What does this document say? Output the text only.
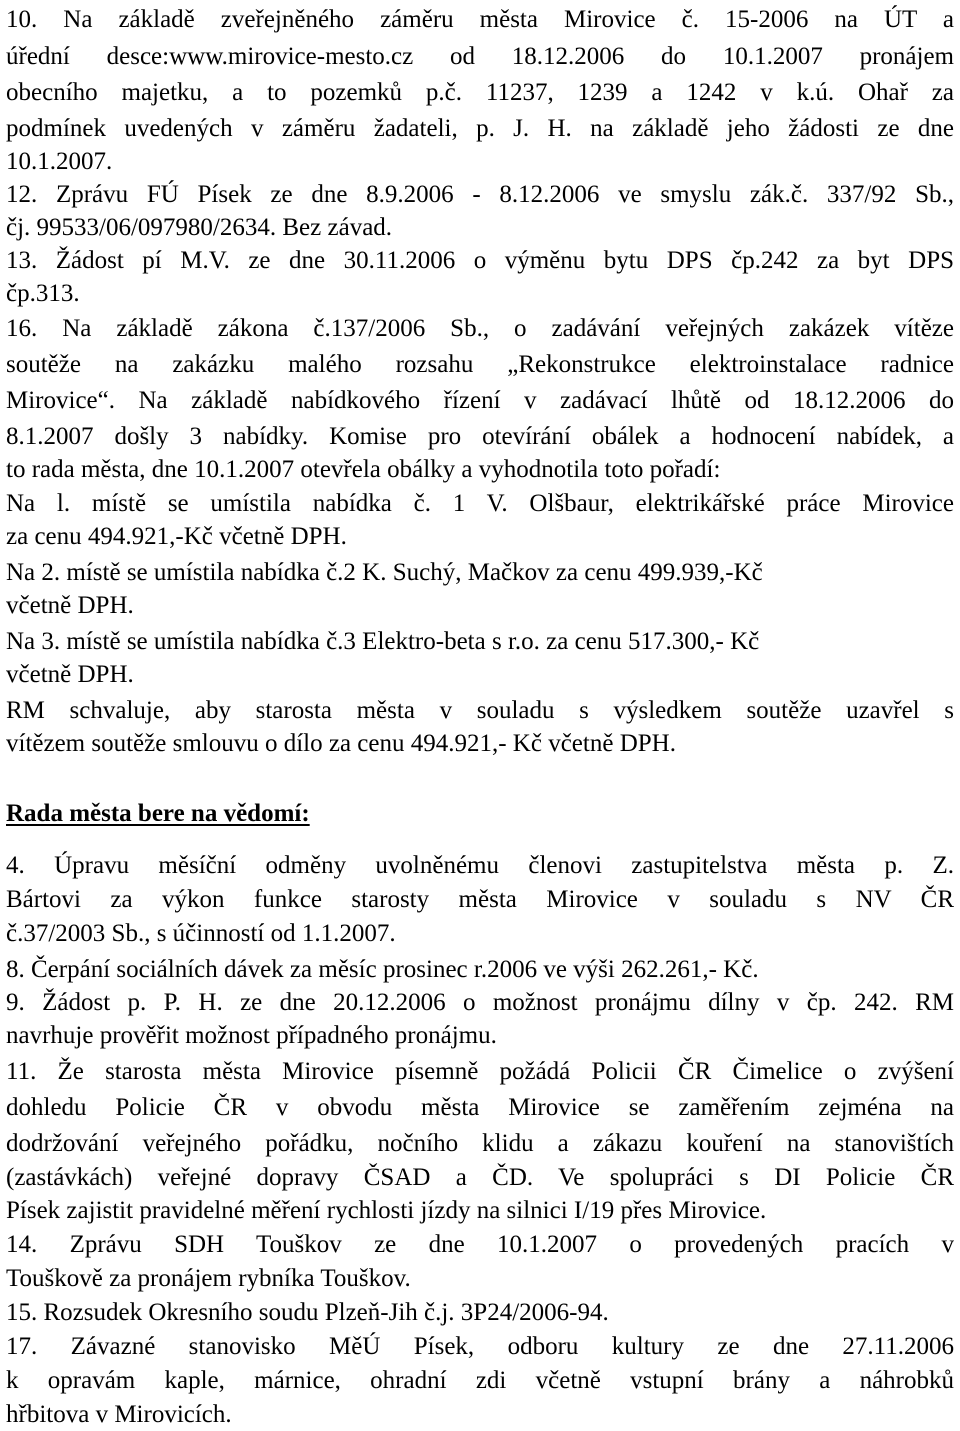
10. Na základě zveřejněného záměru města Mirovice č. 15-2006 na ÚT a
úřední desce:www.mirovice-mesto.cz od 18.12.2006 do 10.1.2007 pronájem
obecního majetku, a to pozemků p.č. 11237, 1239 a 1242 v k.ú. Ohař za
podmínek uvedených v záměru žadateli, p. J. H. na základě jeho žádosti ze dne
10.1.2007.
12. Zprávu FÚ Písek ze dne 8.9.2006 - 8.12.2006 ve smyslu zák.č. 337/92 Sb.,
čj. 99533/06/097980/2634. Bez závad.
13. Žádost pí M.V. ze dne 30.11.2006 o výměnu bytu DPS čp.242 za byt DPS
čp.313.
16. Na základě zákona č.137/2006 Sb., o zadávání veřejných zakázek vítěze
soutěže na zakázku malého rozsahu „Rekonstrukce elektroinstalace radnice
Mirovice“. Na základě nabídkového řízení v zadávací lhůtě od 18.12.2006 do
8.1.2007 došly 3 nabídky. Komise pro otevírání obálek a hodnocení nabídek, a
to rada města, dne 10.1.2007 otevřela obálky a vyhodnotila toto pořadí:
Na l. místě se umístila nabídka č. 1 V. Olšbaur, elektrikářské práce Mirovice
za cenu 494.921,-Kč včetně DPH.
Na 2. místě se umístila nabídka č.2 K. Suchý, Mačkov za cenu 499.939,-Kč
včetně DPH.
Na 3. místě se umístila nabídka č.3 Elektro-beta s r.o. za cenu 517.300,- Kč
včetně DPH.
RM schvaluje, aby starosta města v souladu s výsledkem soutěže uzavřel s
vítězem soutěže smlouvu o dílo za cenu 494.921,- Kč včetně DPH.
Rada města bere na vědomí:
4. Úpravu měsíční odměny uvolněnému členovi zastupitelstva města p. Z.
Bártovi za výkon funkce starosty města Mirovice v souladu s NV ČR
č.37/2003 Sb., s účinností od 1.1.2007.
8. Čerpání sociálních dávek za měsíc prosinec r.2006 ve výši 262.261,- Kč.
9. Žádost p. P. H. ze dne 20.12.2006 o možnost pronájmu dílny v čp. 242. RM
navrhuje prověřit možnost případného pronájmu.
11. Že starosta města Mirovice písemně požádá Policii ČR Čimelice o zvýšení
dohledu Policie ČR v obvodu města Mirovice se zaměřením zejména na
dodržování veřejného pořádku, nočního klidu a zákazu kouření na stanovištích
(zastávkách) veřejné dopravy ČSAD a ČD. Ve spolupráci s DI Policie ČR
Písek zajistit pravidelné měření rychlosti jízdy na silnici I/19 přes Mirovice.
14. Zprávu SDH Touškov ze dne 10.1.2007 o provedených pracích v
Touškově za pronájem rybníka Touškov.
15. Rozsudek Okresního soudu Plzeň-Jih č.j. 3P24/2006-94.
17. Závazné stanovisko MěÚ Písek, odboru kultury ze dne 27.11.2006
k opravám kaple, márnice, ohradní zdi včetně vstupní brány a náhrobků
hřbitova v Mirovicích.
